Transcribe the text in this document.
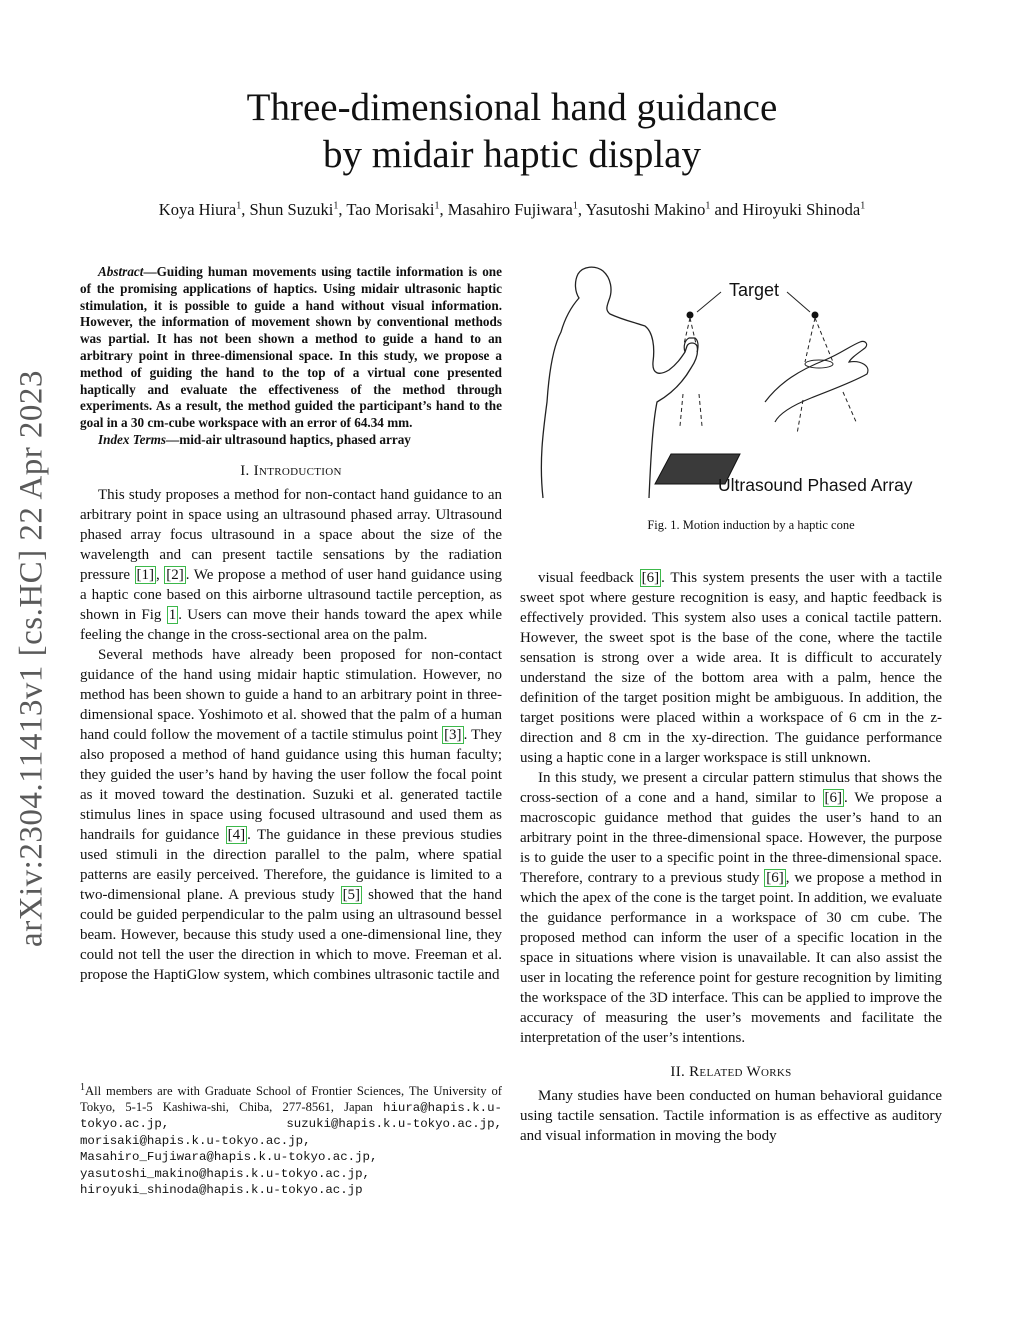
arXiv:2304.11413v1 [cs.HC] 22 Apr 2023
Three-dimensional hand guidance
by midair haptic display
Koya Hiura$^1$, Shun Suzuki$^1$, Tao Morisaki$^1$, Masahiro Fujiwara$^1$, Yasutoshi Makino$^1$ and Hiroyuki Shinoda$^1$

Abstract—Guiding human movements using tactile information is one of the promising applications of haptics. Using midair ultrasonic haptic stimulation, it is possible to guide a hand without visual information. However, the information of movement shown by conventional methods was partial. It has not been shown a method to guide a hand to an arbitrary point in three-dimensional space. In this study, we propose a method of guiding the hand to the top of a virtual cone presented haptically and evaluate the effectiveness of the method through experiments. As a result, the method guided the participant’s hand to the goal in a 30 cm-cube workspace with an error of 64.34 mm.

Index Terms—mid-air ultrasound haptics, phased array

I. Introduction

This study proposes a method for non-contact hand guidance to an arbitrary point in space using an ultrasound phased array. Ultrasound phased array focus ultrasound in a space about the size of the wavelength and can present tactile sensations by the radiation pressure [1] , [2] . We propose a method of user hand guidance using a haptic cone based on this airborne ultrasound tactile perception, as shown in Fig 1 . Users can move their hands toward the apex while feeling the change in the cross-sectional area on the palm.

Several methods have already been proposed for non-contact guidance of the hand using midair haptic stimulation. However, no method has been shown to guide a hand to an arbitrary point in three-dimensional space. Yoshimoto et al. showed that the palm of a human hand could follow the movement of a tactile stimulus point [3] . They also proposed a method of hand guidance using this human faculty; they guided the user’s hand by having the user follow the focal point as it moved toward the destination. Suzuki et al. generated tactile stimulus lines in space using focused ultrasound and used them as handrails for guidance [4] . The guidance in these previous studies used stimuli in the direction parallel to the palm, where spatial patterns are easily perceived. Therefore, the guidance is limited to a two-dimensional plane. A previous study [5] showed that the hand could be guided perpendicular to the palm using an ultrasound bessel beam. However, because this study used a one-dimensional line, they could not tell the user the direction in which to move. Freeman et al. propose the HaptiGlow system, which combines ultrasonic tactile and

$^1$All members are with Graduate School of Frontier Sciences, The University of Tokyo, 5-1-5 Kashiwa-shi, Chiba, 277-8561, Japan hiura@hapis.k.u-tokyo.ac.jp, suzuki@hapis.k.u-tokyo.ac.jp, morisaki@hapis.k.u-tokyo.ac.jp, Masahiro_Fujiwara@hapis.k.u-tokyo.ac.jp, yasutoshi_makino@hapis.k.u-tokyo.ac.jp, hiroyuki_shinoda@hapis.k.u-tokyo.ac.jp
Target
Ultrasound Phased Array
Fig. 1. Motion induction by a haptic cone

visual feedback [6] . This system presents the user with a tactile sweet spot where gesture recognition is easy, and haptic feedback is effectively provided. This system also uses a conical tactile pattern. However, the sweet spot is the base of the cone, where the tactile sensation is strong over a wide area. It is difficult to accurately understand the size of the bottom area with a palm, hence the definition of the target position might be ambiguous. In addition, the target positions were placed within a workspace of 6 cm in the z-direction and 8 cm in the xy-direction. The guidance performance using a haptic cone in a larger workspace is still unknown.

In this study, we present a circular pattern stimulus that shows the cross-section of a cone and a hand, similar to [6] . We propose a macroscopic guidance method that guides the user’s hand to an arbitrary point in the three-dimensional space. However, the purpose is to guide the user to a specific point in the three-dimensional space. Therefore, contrary to a previous study [6] , we propose a method in which the apex of the cone is the target point. In addition, we evaluate the guidance performance in a workspace of 30 cm cube. The proposed method can inform the user of a specific location in the space in situations where vision is unavailable. It can also assist the user in locating the reference point for gesture recognition by limiting the workspace of the 3D interface. This can be applied to improve the accuracy of measuring the user’s movements and facilitate the interpretation of the user’s intentions.

II. Related Works

Many studies have been conducted on human behavioral guidance using tactile sensation. Tactile information is as effective as auditory and visual information in moving the body
